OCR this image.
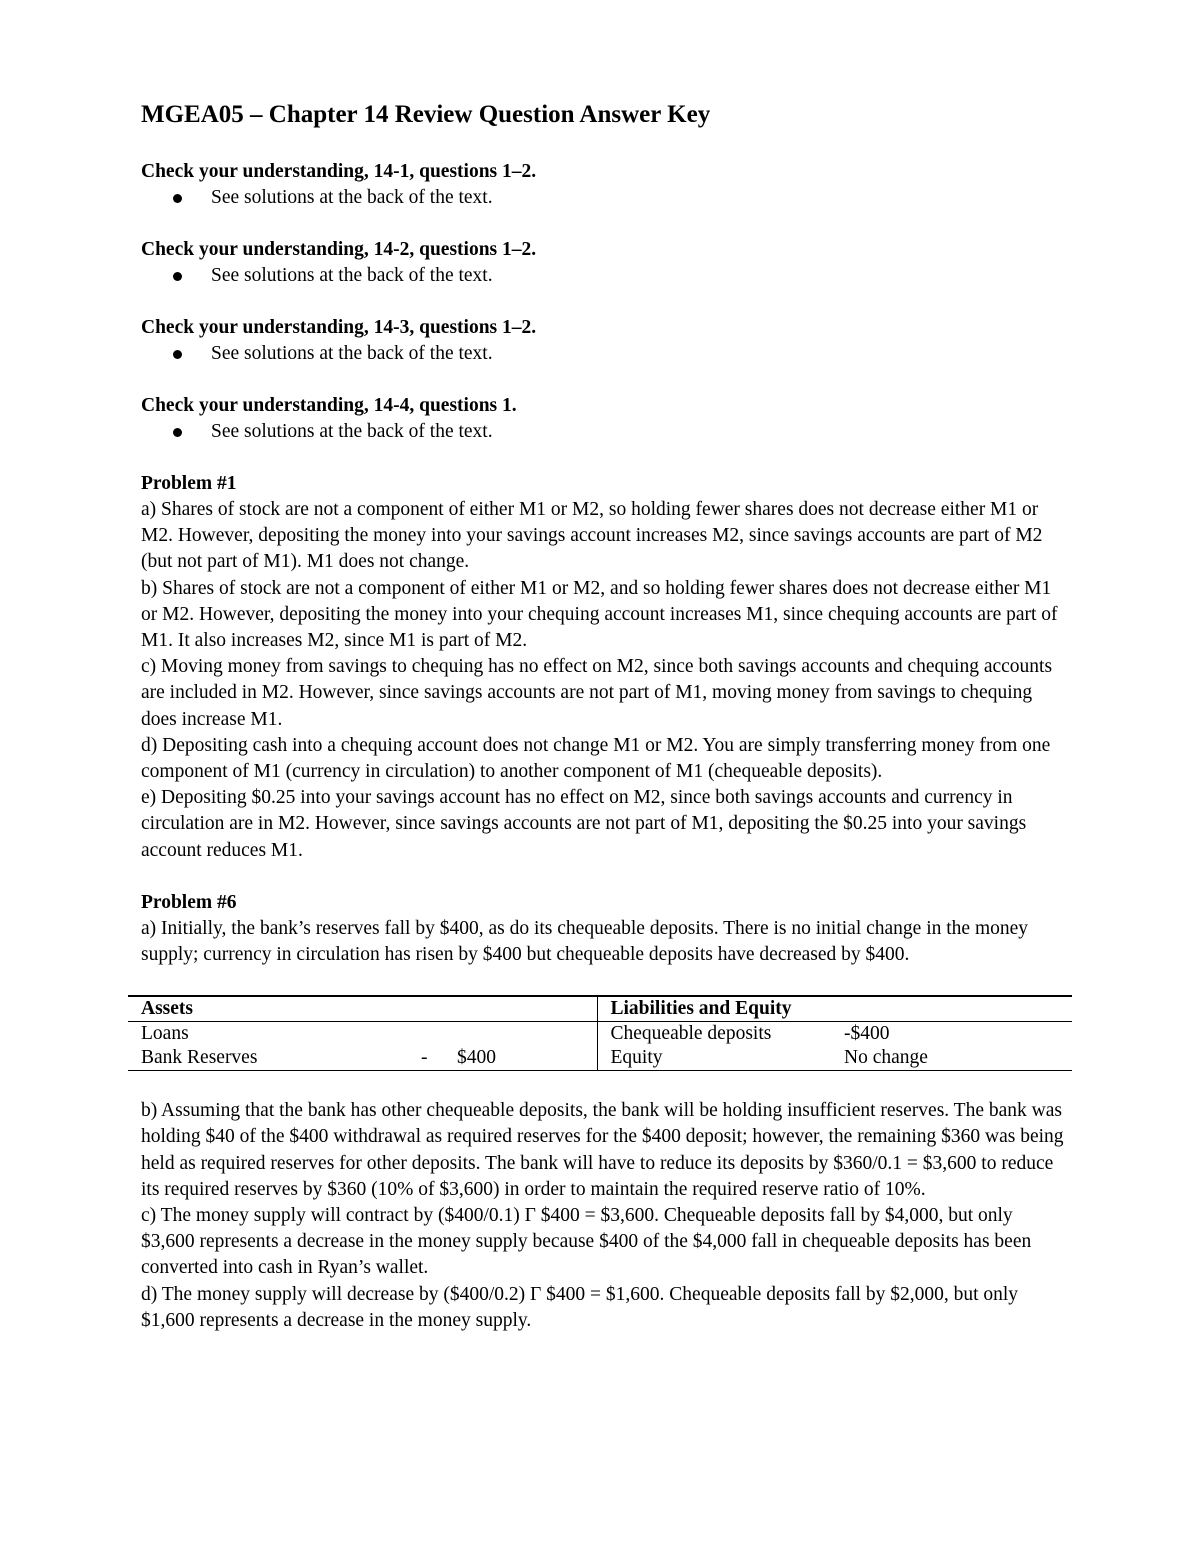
MGEA05 – Chapter 14 Review Question Answer Key

Check your understanding, 14-1, questions 1–2.

See solutions at the back of the text.

Check your understanding, 14-2, questions 1–2.

See solutions at the back of the text.

Check your understanding, 14-3, questions 1–2.

See solutions at the back of the text.

Check your understanding, 14-4, questions 1.

See solutions at the back of the text.

Problem #1

a) Shares of stock are not a component of either M1 or M2, so holding fewer shares does not decrease either M1 or M2. However, depositing the money into your savings account increases M2, since savings accounts are part of M2 (but not part of M1). M1 does not change.

b) Shares of stock are not a component of either M1 or M2, and so holding fewer shares does not decrease either M1 or M2. However, depositing the money into your chequing account increases M1, since chequing accounts are part of M1. It also increases M2, since M1 is part of M2.

c) Moving money from savings to chequing has no effect on M2, since both savings accounts and chequing accounts are included in M2. However, since savings accounts are not part of M1, moving money from savings to chequing does increase M1.

d) Depositing cash into a chequing account does not change M1 or M2. You are simply transferring money from one component of M1 (currency in circulation) to another component of M1 (chequeable deposits).

e) Depositing $0.25 into your savings account has no effect on M2, since both savings accounts and currency in circulation are in M2. However, since savings accounts are not part of M1, depositing the $0.25 into your savings account reduces M1.

Problem #6

a) Initially, the bank’s reserves fall by $400, as do its chequeable deposits. There is no initial change in the money supply; currency in circulation has risen by $400 but chequeable deposits have decreased by $400.

Assets		Liabilities and Equity	
Loans		Chequeable deposits	-$400
Bank Reserves	- $400	Equity	No change

b) Assuming that the bank has other chequeable deposits, the bank will be holding insufficient reserves. The bank was holding $40 of the $400 withdrawal as required reserves for the $400 deposit; however, the remaining $360 was being held as required reserves for other deposits. The bank will have to reduce its deposits by $360/0.1 = $3,600 to reduce its required reserves by $360 (10% of $3,600) in order to maintain the required reserve ratio of 10%.

c) The money supply will contract by ($400/0.1) Г $400 = $3,600. Chequeable deposits fall by $4,000, but only $3,600 represents a decrease in the money supply because $400 of the $4,000 fall in chequeable deposits has been converted into cash in Ryan’s wallet.

d) The money supply will decrease by ($400/0.2) Г $400 = $1,600. Chequeable deposits fall by $2,000, but only $1,600 represents a decrease in the money supply.
